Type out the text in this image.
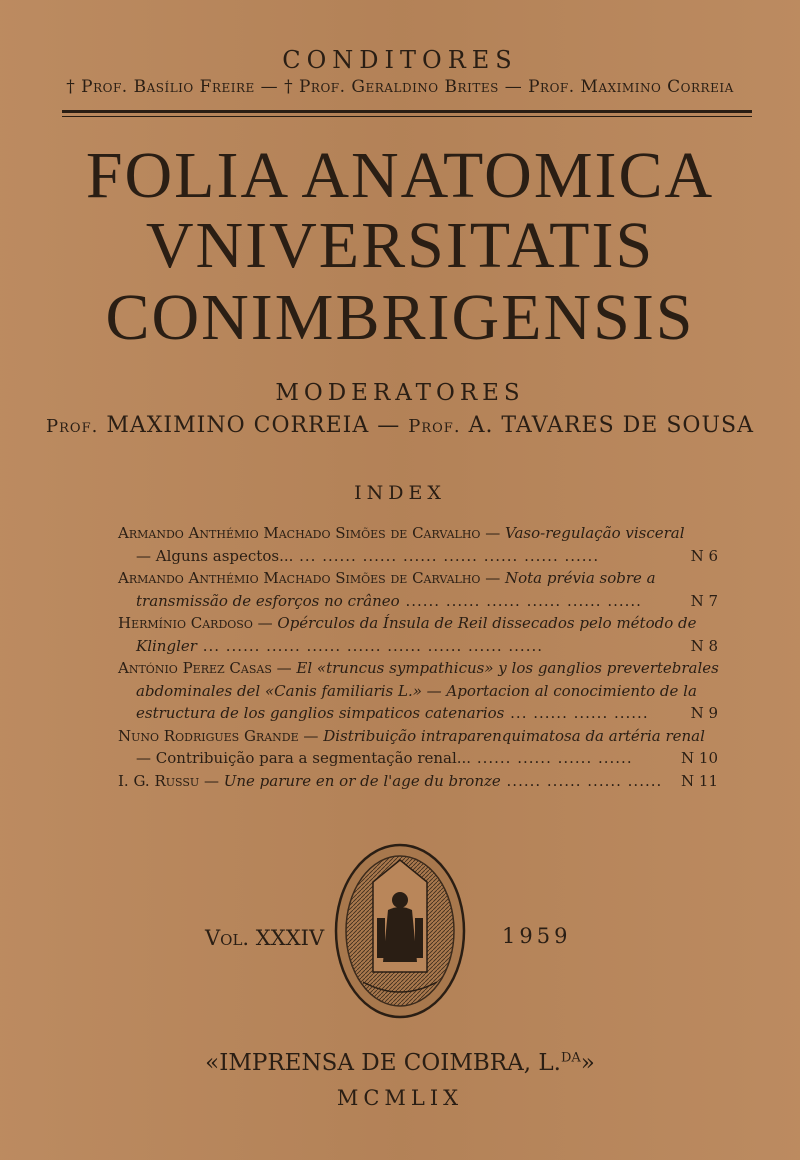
CONDITORES
† Prof. Basílio Freire — † Prof. Geraldino Brites — Prof. Maximino Correia
FOLIA ANATOMICA
VNIVERSITATIS
CONIMBRIGENSIS
MODERATORES
Prof. MAXIMINO CORREIA — Prof. A. TAVARES DE SOUSA
INDEX
Armando Anthémio Machado Simões de Carvalho — Vaso-regulação visceral
— Alguns aspectos... ... ...... ...... ...... ...... ...... ...... ......	N 6
Armando Anthémio Machado Simões de Carvalho — Nota prévia sobre a
transmissão de esforços no crâneo ...... ...... ...... ...... ...... ......	N 7
Hermínio Cardoso — Opérculos da Ínsula de Reil dissecados pelo método de
Klingler ... ...... ...... ...... ...... ...... ...... ...... ......	N 8
António Perez Casas — El «truncus sympathicus» y los ganglios prevertebrales
abdominales del «Canis familiaris L.» — Aportacion al conocimiento de la
estructura de los ganglios simpaticos catenarios ... ...... ...... ......	N 9
Nuno Rodrigues Grande — Distribuição intraparenquimatosa da artéria renal
— Contribuição para a segmentação renal... ...... ...... ...... ......	N 10
I. G. Russu — Une parure en or de l'age du bronze ...... ...... ...... ......	N 11
Vol. XXXIV	1959
«IMPRENSA DE COIMBRA, L.$^{DA}$»
MCMLIX
